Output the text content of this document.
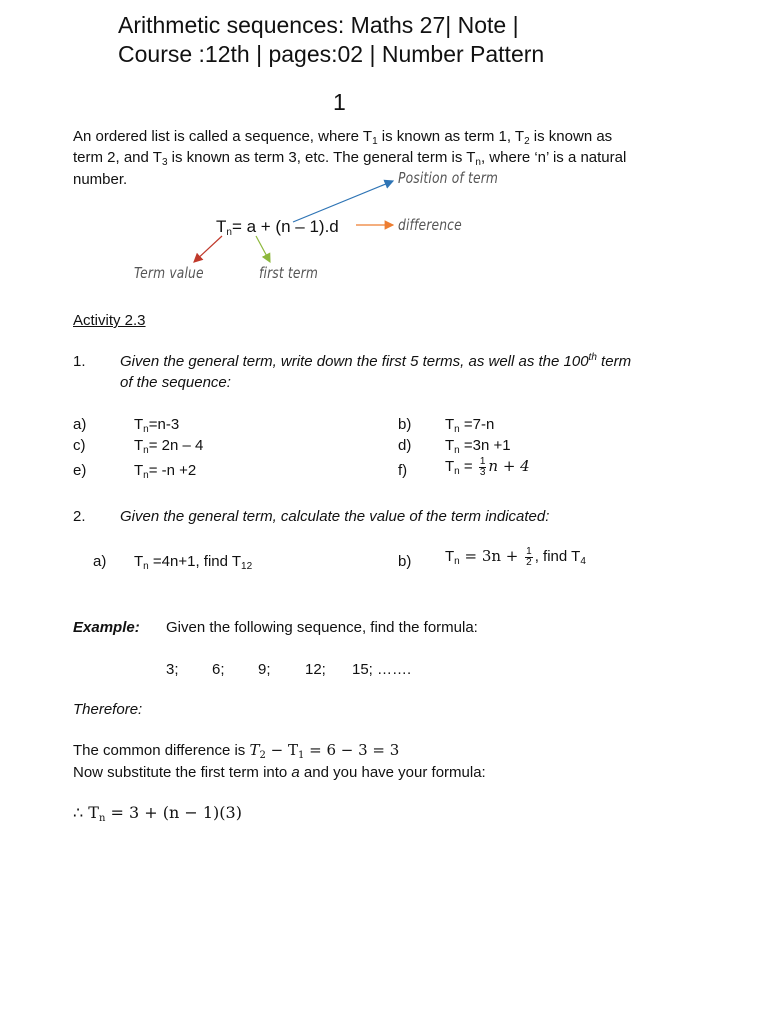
Arithmetic sequences: Maths 27| Note |
Course :12th | pages:02 | Number Pattern
1
An ordered list is called a sequence, where $T_1$ is known as term 1, $T_2$ is known as
term 2, and $T_3$ is known as term 3, etc. The general term is $T_n$, where ‘n’ is a natural
number.
$T_n= a + (n - 1).d$
Position of term
difference
Term value	first term
Activity 2.3
1. Given the general term, write down the first 5 terms, as well as the 100th term
of the sequence:
a)	$T_n=n-3$	b) $T_n =7-n$
c)	$T_n= 2n - 4$	d) $T_n =3n +1$
e)	$T_n= -n +2$	f)	$T_n = \frac{1}{3}$ n + 4
2. Given the general term, calculate the value of the term indicated:
a) $T_n =4n+1$, find $T_{12}$	b) $T_n = 3n + \frac{1}{2}$ , find $T_4$
Example: Given the following sequence, find the formula:
3; 6; 9; 12; 15; …….
Therefore:
The common difference is $T_2 - T_1 = 6 - 3 = 3$
Now substitute the first term into a and you have your formula:
∴ $T_n = 3 + (n - 1)(3)$
